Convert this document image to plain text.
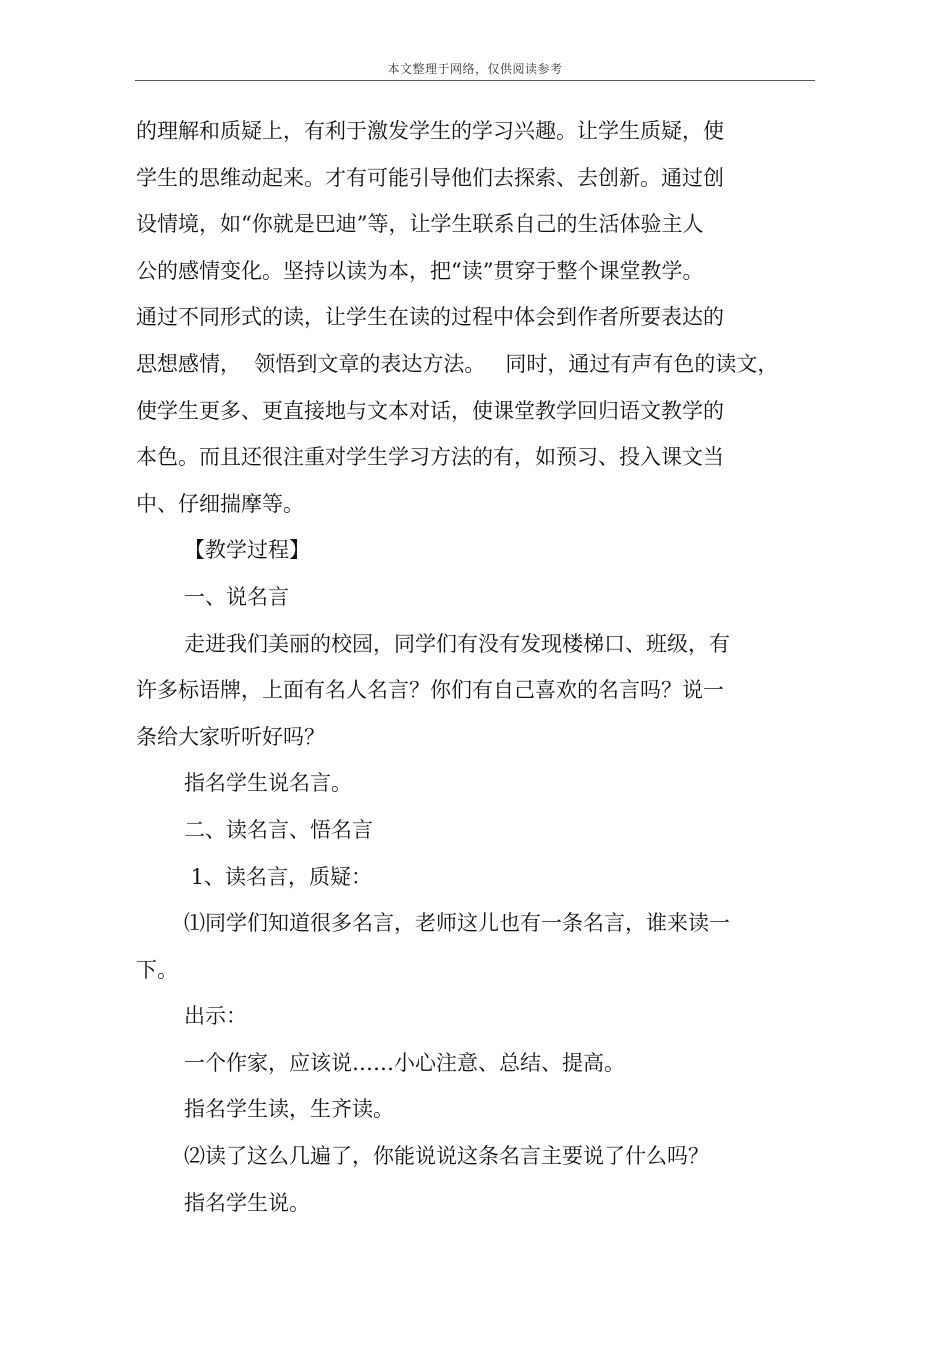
本文整理于网络，仅供阅读参考
的理解和质疑上，有利于激发学生的学习兴趣。让学生质疑，使
学生的思维动起来。才有可能引导他们去探索、去创新。通过创
设情境，如“你就是巴迪”等，让学生联系自己的生活体验主人
公的感情变化。坚持以读为本，把“读”贯穿于整个课堂教学。
通过不同形式的读，让学生在读的过程中体会到作者所要表达的
思想感情，  领悟到文章的表达方法。   同时，通过有声有色的读文，
使学生更多、更直接地与文本对话，使课堂教学回归语文教学的
本色。而且还很注重对学生学习方法的有，如预习、投入课文当
中、仔细揣摩等。
【教学过程】
一、说名言
走进我们美丽的校园，同学们有没有发现楼梯口、班级，有
许多标语牌，上面有名人名言？你们有自己喜欢的名言吗？说一
条给大家听听好吗？
指名学生说名言。
二、读名言、悟名言
1、读名言，质疑：
⑴同学们知道很多名言，老师这儿也有一条名言，谁来读一
下。
出示：
一个作家，应该说……小心注意、总结、提高。
指名学生读，生齐读。
⑵读了这么几遍了，你能说说这条名言主要说了什么吗？
指名学生说。
